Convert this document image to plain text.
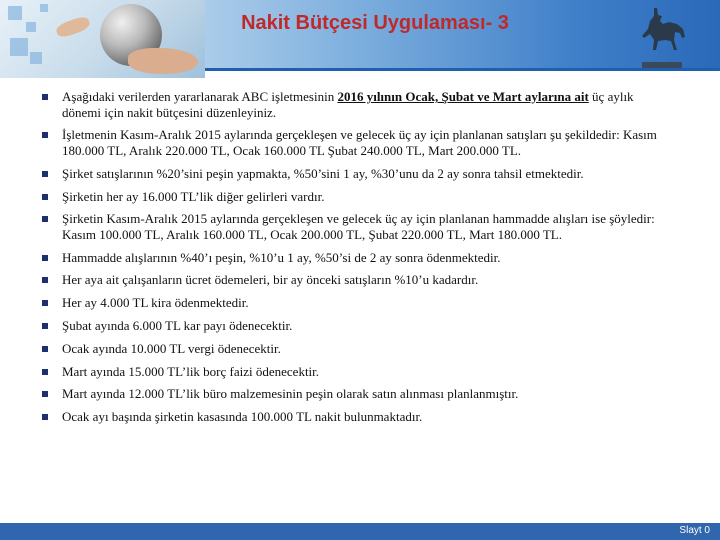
Nakit Bütçesi Uygulaması- 3
Aşağıdaki verilerden yararlanarak ABC işletmesinin 2016 yılının Ocak, Şubat ve Mart aylarına ait üç aylık dönemi için nakit bütçesini düzenleyiniz.
İşletmenin Kasım-Aralık 2015 aylarında gerçekleşen ve gelecek üç ay için planlanan satışları şu şekildedir: Kasım 180.000 TL, Aralık 220.000 TL, Ocak 160.000 TL Şubat 240.000 TL, Mart 200.000 TL.
Şirket satışlarının %20’sini peşin yapmakta, %50’sini 1 ay, %30’unu da 2 ay sonra tahsil etmektedir.
Şirketin her ay 16.000 TL’lik diğer gelirleri vardır.
Şirketin Kasım-Aralık 2015 aylarında gerçekleşen ve gelecek üç ay için planlanan hammadde alışları ise şöyledir: Kasım 100.000 TL, Aralık 160.000 TL, Ocak 200.000 TL, Şubat 220.000 TL, Mart 180.000 TL.
Hammadde alışlarının %40’ı peşin, %10’u 1 ay, %50’si de 2 ay sonra ödenmektedir.
Her aya ait çalışanların ücret ödemeleri, bir ay önceki satışların %10’u kadardır.
Her ay 4.000 TL kira ödenmektedir.
Şubat ayında 6.000 TL kar payı ödenecektir.
Ocak ayında 10.000 TL vergi ödenecektir.
Mart ayında 15.000 TL’lik borç faizi ödenecektir.
Mart ayında 12.000 TL’lik büro malzemesinin peşin olarak satın alınması planlanmıştır.
Ocak ayı başında şirketin kasasında 100.000 TL nakit bulunmaktadır.
Slayt 0
